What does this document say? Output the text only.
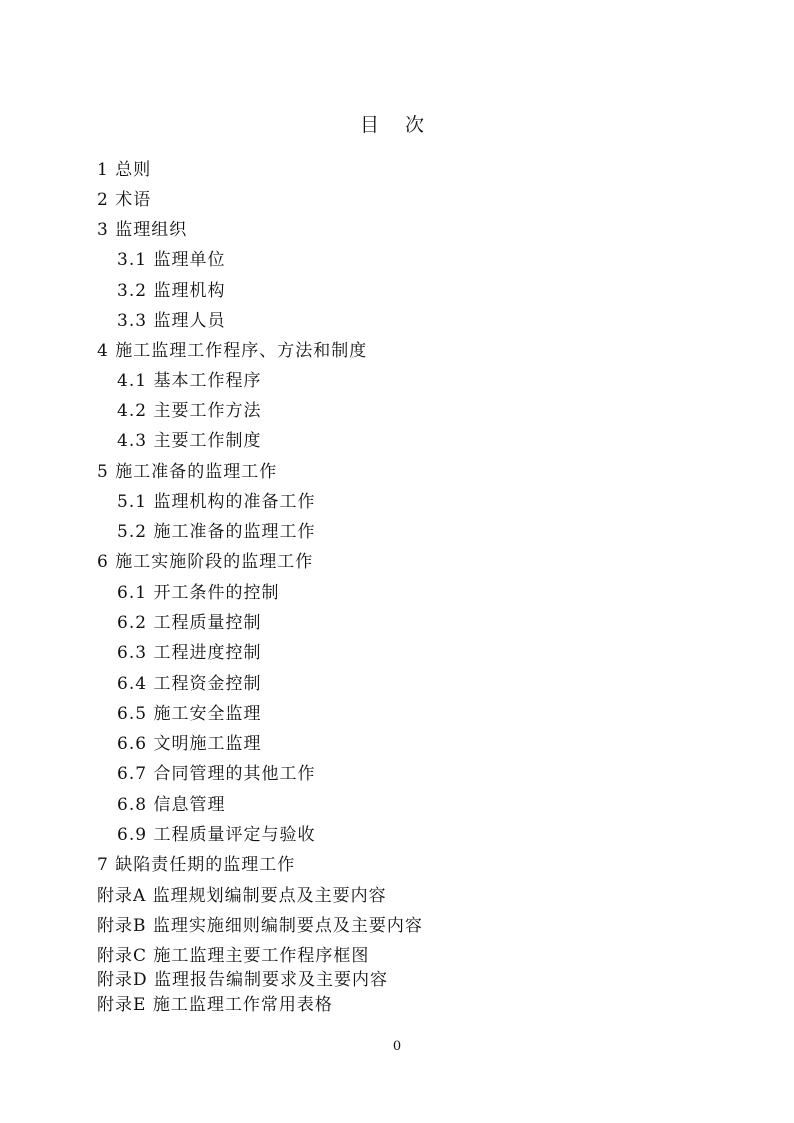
目 次
1 总则
2 术语
3 监理组织
3.1 监理单位
3.2 监理机构
3.3 监理人员
4 施工监理工作程序、方法和制度
4.1 基本工作程序
4.2 主要工作方法
4.3 主要工作制度
5 施工准备的监理工作
5.1 监理机构的准备工作
5.2 施工准备的监理工作
6 施工实施阶段的监理工作
6.1 开工条件的控制
6.2 工程质量控制
6.3 工程进度控制
6.4 工程资金控制
6.5 施工安全监理
6.6 文明施工监理
6.7 合同管理的其他工作
6.8 信息管理
6.9 工程质量评定与验收
7 缺陷责任期的监理工作
附录A 监理规划编制要点及主要内容
附录B 监理实施细则编制要点及主要内容
附录C 施工监理主要工作程序框图
附录D 监理报告编制要求及主要内容
附录E 施工监理工作常用表格
0
